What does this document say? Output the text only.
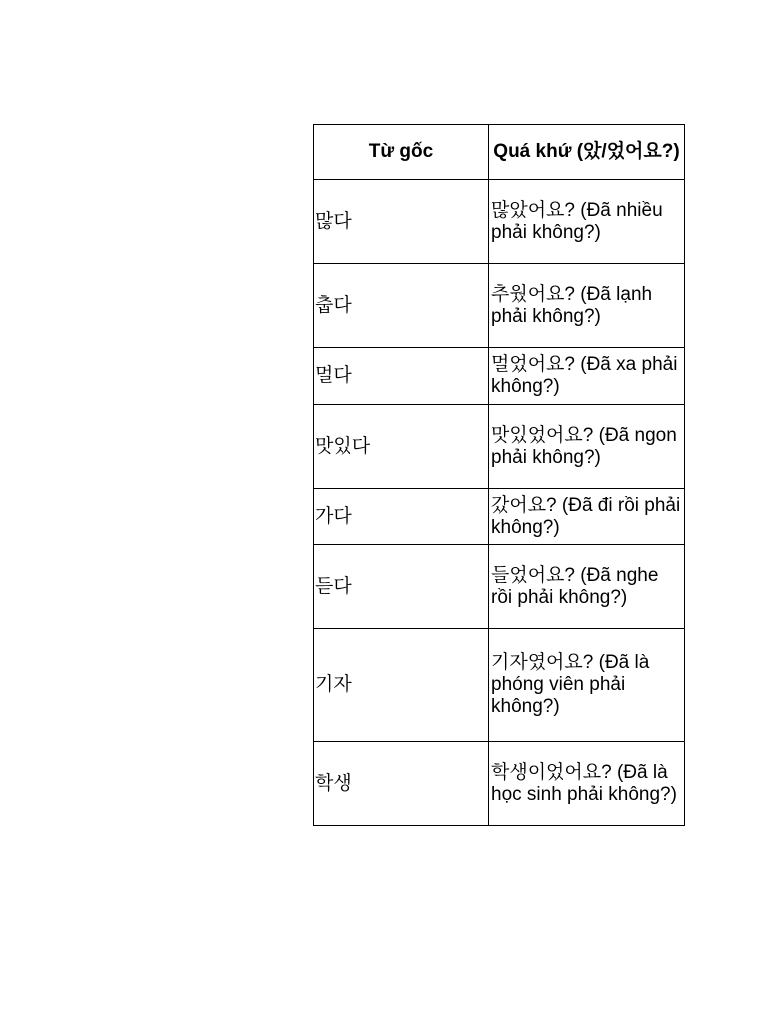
Từ gốc	Quá khứ (았/었어요?)
많다	많았어요? (Đã nhiều phải không?)
춥다	추웠어요? (Đã lạnh phải không?)
멀다	멀었어요? (Đã xa phải không?)
맛있다	맛있었어요? (Đã ngon phải không?)
가다	갔어요? (Đã đi rồi phải không?)
듣다	들었어요? (Đã nghe rồi phải không?)
기자	기자였어요? (Đã là phóng viên phải không?)
학생	학생이었어요? (Đã là học sinh phải không?)
